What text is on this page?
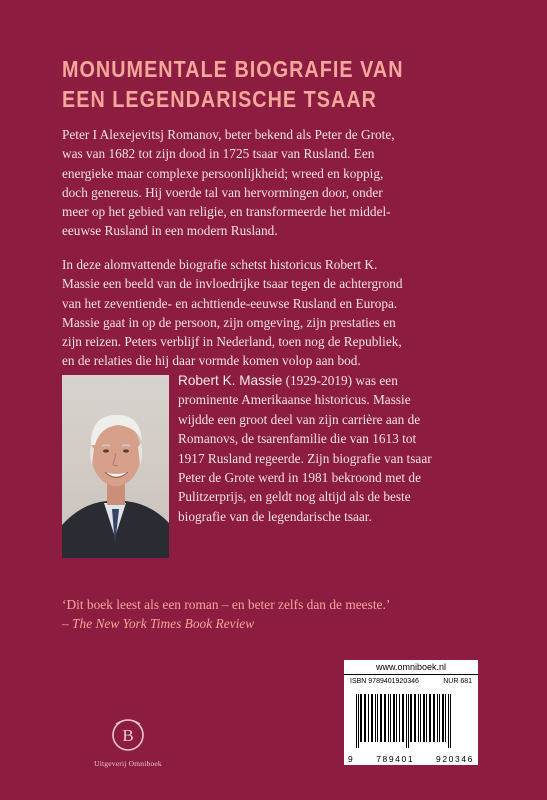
MONUMENTALE BIOGRAFIE VAN
EEN LEGENDARISCHE TSAAR
Peter I Alexejevitsj Romanov, beter bekend als Peter de Grote,
was van 1682 tot zijn dood in 1725 tsaar van Rusland. Een
energieke maar complexe persoonlijkheid; wreed en koppig,
doch genereus. Hij voerde tal van hervormingen door, onder
meer op het gebied van religie, en transformeerde het middel-
eeuwse Rusland in een modern Rusland.
In deze alomvattende biografie schetst historicus Robert K.
Massie een beeld van de invloedrijke tsaar tegen de achtergrond
van het zeventiende- en achttiende-eeuwse Rusland en Europa.
Massie gaat in op de persoon, zijn omgeving, zijn prestaties en
zijn reizen. Peters verblijf in Nederland, toen nog de Republiek,
en de relaties die hij daar vormde komen volop aan bod.
Robert K. Massie (1929-2019) was een
prominente Amerikaanse historicus. Massie
wijdde een groot deel van zijn carrière aan de
Romanovs, de tsarenfamilie die van 1613 tot
1917 Rusland regeerde. Zijn biografie van tsaar
Peter de Grote werd in 1981 bekroond met de
Pulitzerprijs, en geldt nog altijd als de beste
biografie van de legendarische tsaar.
‘Dit boek leest als een roman – en beter zelfs dan de meeste.’
– The New York Times Book Review
B
Uitgeverij Omniboek
www.omniboek.nl
ISBN 9789401920346	NUR 681
9	789401	920346
